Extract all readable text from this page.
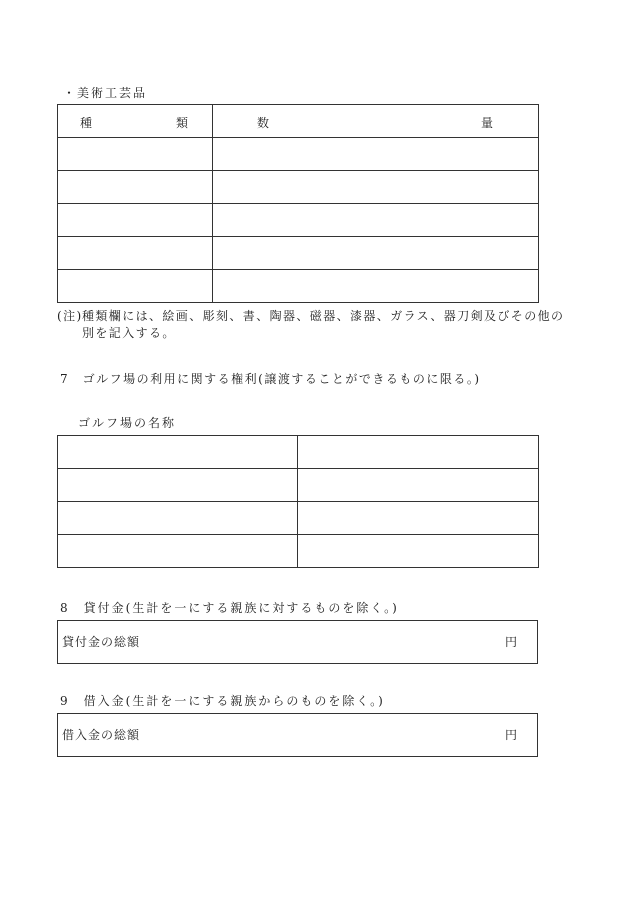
・美術工芸品
種 類	数 量

(注) 種類欄には、絵画、彫刻、書、陶器、磁器、漆器、ガラス、器刀剣及びその他の別を記入する。
7　ゴルフ場の利用に関する権利(譲渡することができるものに限る。)
ゴルフ場の名称

8　貸付金(生計を一にする親族に対するものを除く。)
貸付金の総額	円
9　借入金(生計を一にする親族からのものを除く。)
借入金の総額	円
